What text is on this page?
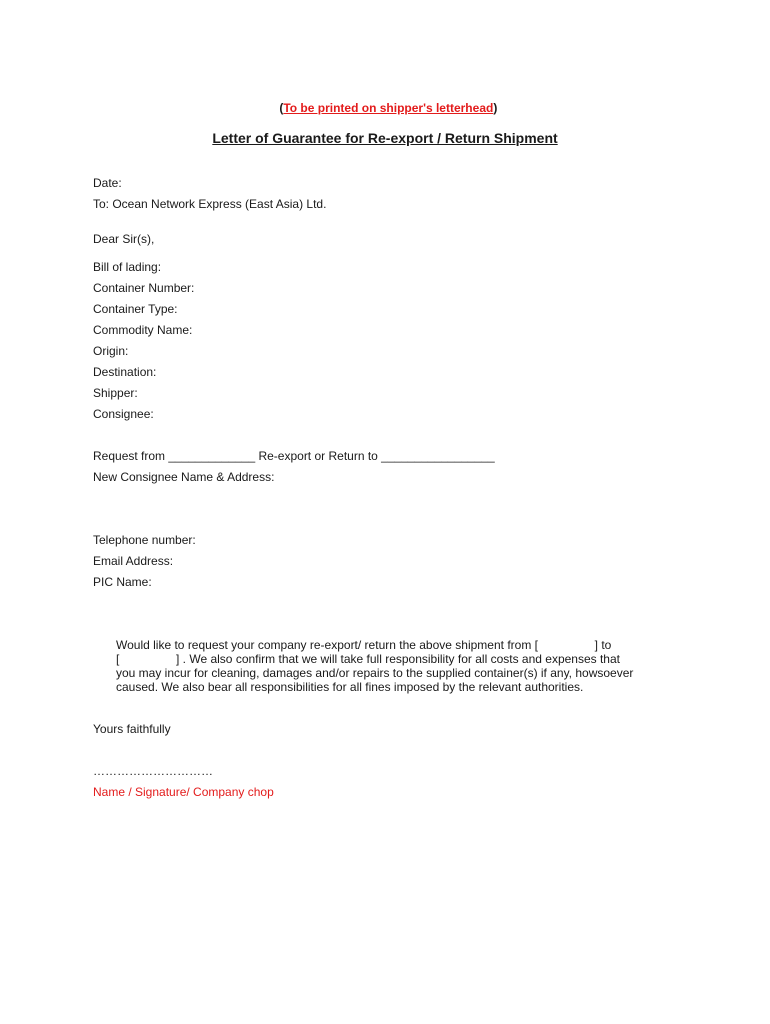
(To be printed on shipper's letterhead)

Letter of Guarantee for Re-export / Return Shipment
Date:
To: Ocean Network Express (East Asia) Ltd.
Dear Sir(s),
Bill of lading:
Container Number:
Container Type:
Commodity Name:
Origin:
Destination:
Shipper:
Consignee:
Request from _____________ Re-export or Return to _________________
New Consignee Name & Address:
Telephone number:
Email Address:
PIC Name:
Would like to request your company re-export/ return the above shipment from [                 ] to
[                 ] . We also confirm that we will take full responsibility for all costs and expenses that
you may incur for cleaning, damages and/or repairs to the supplied container(s) if any, howsoever
caused. We also bear all responsibilities for all fines imposed by the relevant authorities.
Yours faithfully
…………………………
Name / Signature/ Company chop
